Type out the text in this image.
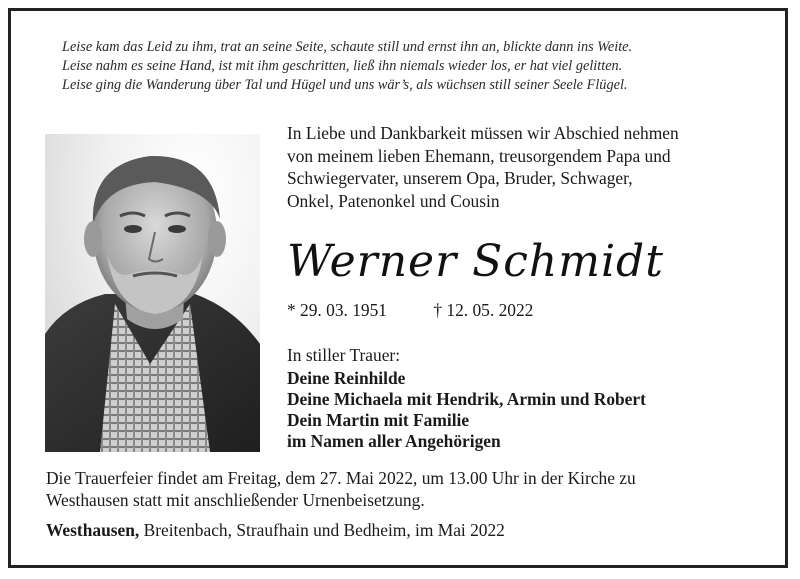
Leise kam das Leid zu ihm, trat an seine Seite, schaute still und ernst ihn an, blickte dann ins Weite.
Leise nahm es seine Hand, ist mit ihm geschritten, ließ ihn niemals wieder los, er hat viel gelitten.
Leise ging die Wanderung über Tal und Hügel und uns wär’s, als wüchsen still seiner Seele Flügel.
In Liebe und Dankbarkeit müssen wir Abschied nehmen
von meinem lieben Ehemann, treusorgendem Papa und
Schwiegervater, unserem Opa, Bruder, Schwager,
Onkel, Patenonkel und Cousin
Werner Schmidt
* 29. 03. 1951	† 12. 05. 2022
In stiller Trauer:
Deine Reinhilde
Deine Michaela mit Hendrik, Armin und Robert
Dein Martin mit Familie
im Namen aller Angehörigen
Die Trauerfeier findet am Freitag, dem 27. Mai 2022, um 13.00 Uhr in der Kirche zu
Westhausen statt mit anschließender Urnenbeisetzung.
Westhausen, Breitenbach, Straufhain und Bedheim, im Mai 2022
